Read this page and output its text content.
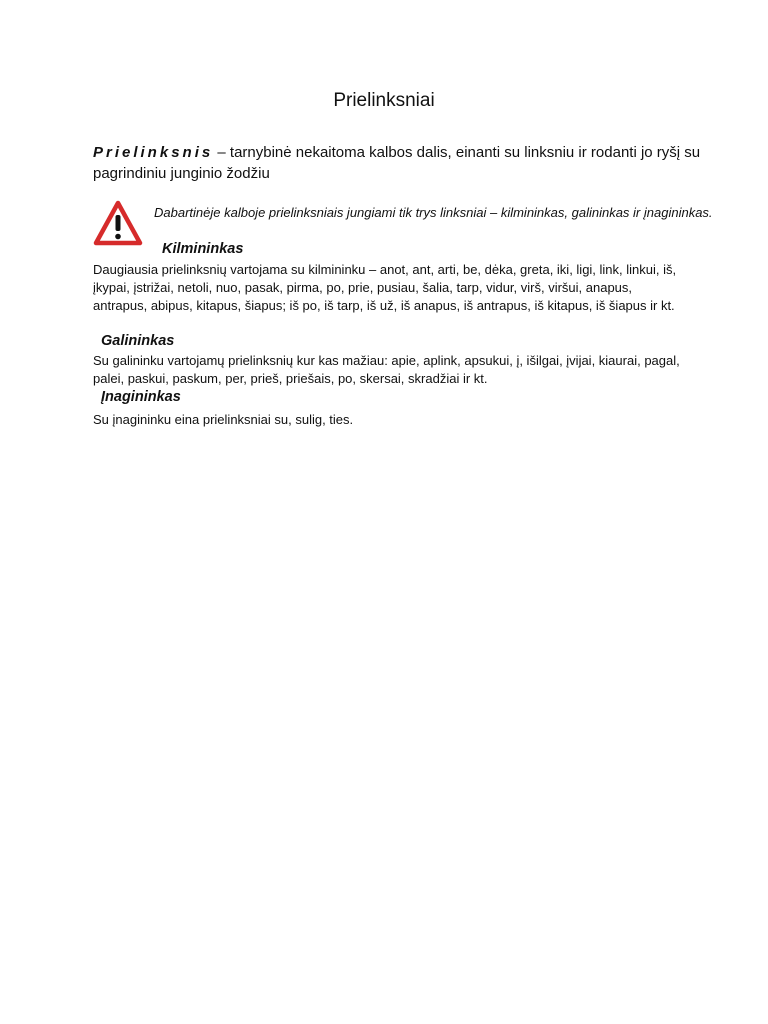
Prielinksniai
Prielinksnis – tarnybinė nekaitoma kalbos dalis, einanti su linksniu ir rodanti jo ryšį su pagrindiniu junginio žodžiu
Dabartinėje kalboje prielinksniais jungiami tik trys linksniai – kilmininkas, galininkas ir įnagininkas.
Kilmininkas
Daugiausia prielinksnių vartojama su kilmininku – anot, ant, arti, be, dėka, greta, iki, ligi, link, linkui, iš, įkypai, įstrižai, netoli, nuo, pasak, pirma, po, prie, pusiau, šalia, tarp, vidur, virš, viršui, anapus, antrapus, abipus, kitapus, šiapus; iš po, iš tarp, iš už, iš anapus, iš antrapus, iš kitapus, iš šiapus ir kt.
Galininkas
Su galininku vartojamų prielinksnių kur kas mažiau: apie, aplink, apsukui, į, išilgai, įvijai, kiaurai, pagal, palei, paskui, paskum, per, prieš, priešais, po, skersai, skradžiai ir kt.
Įnagininkas
Su įnagininku eina prielinksniai su, sulig, ties.
